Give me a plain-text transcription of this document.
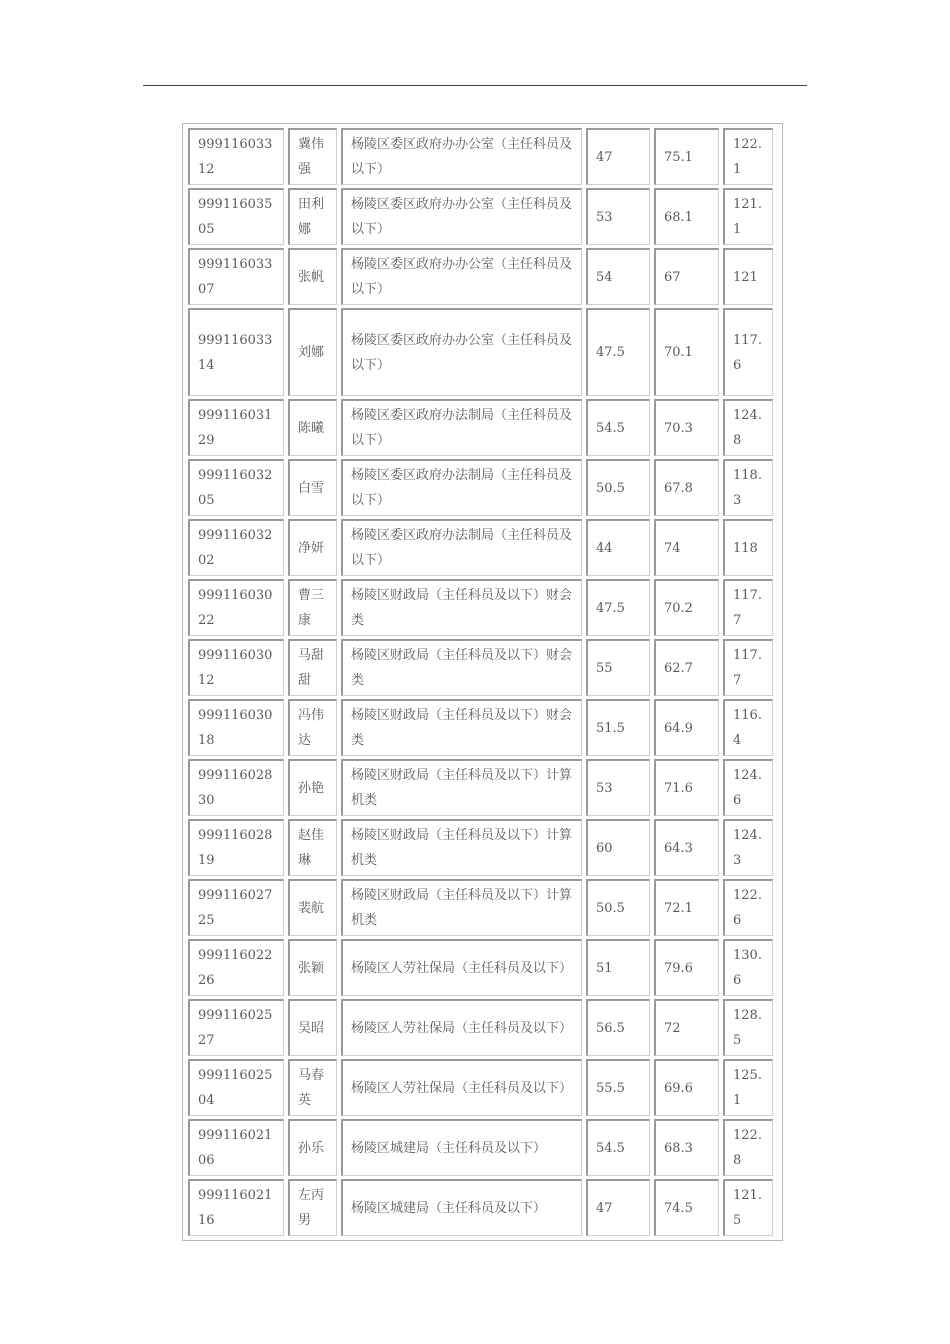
99911603312	冀伟强	杨陵区委区政府办办公室（主任科员及以下）	47	75.1	122.1
99911603505	田利娜	杨陵区委区政府办办公室（主任科员及以下）	53	68.1	121.1
99911603307	张帆	杨陵区委区政府办办公室（主任科员及以下）	54	67	121
99911603314	刘娜	杨陵区委区政府办办公室（主任科员及以下）	47.5	70.1	117.6
99911603129	陈曦	杨陵区委区政府办法制局（主任科员及以下）	54.5	70.3	124.8
99911603205	白雪	杨陵区委区政府办法制局（主任科员及以下）	50.5	67.8	118.3
99911603202	净妍	杨陵区委区政府办法制局（主任科员及以下）	44	74	118
99911603022	曹三康	杨陵区财政局（主任科员及以下）财会类	47.5	70.2	117.7
99911603012	马甜甜	杨陵区财政局（主任科员及以下）财会类	55	62.7	117.7
99911603018	冯伟达	杨陵区财政局（主任科员及以下）财会类	51.5	64.9	116.4
99911602830	孙艳	杨陵区财政局（主任科员及以下）计算机类	53	71.6	124.6
99911602819	赵佳琳	杨陵区财政局（主任科员及以下）计算机类	60	64.3	124.3
99911602725	裴航	杨陵区财政局（主任科员及以下）计算机类	50.5	72.1	122.6
99911602226	张颖	杨陵区人劳社保局（主任科员及以下）	51	79.6	130.6
99911602527	吴昭	杨陵区人劳社保局（主任科员及以下）	56.5	72	128.5
99911602504	马春英	杨陵区人劳社保局（主任科员及以下）	55.5	69.6	125.1
99911602106	孙乐	杨陵区城建局（主任科员及以下）	54.5	68.3	122.8
99911602116	左丙男	杨陵区城建局（主任科员及以下）	47	74.5	121.5
